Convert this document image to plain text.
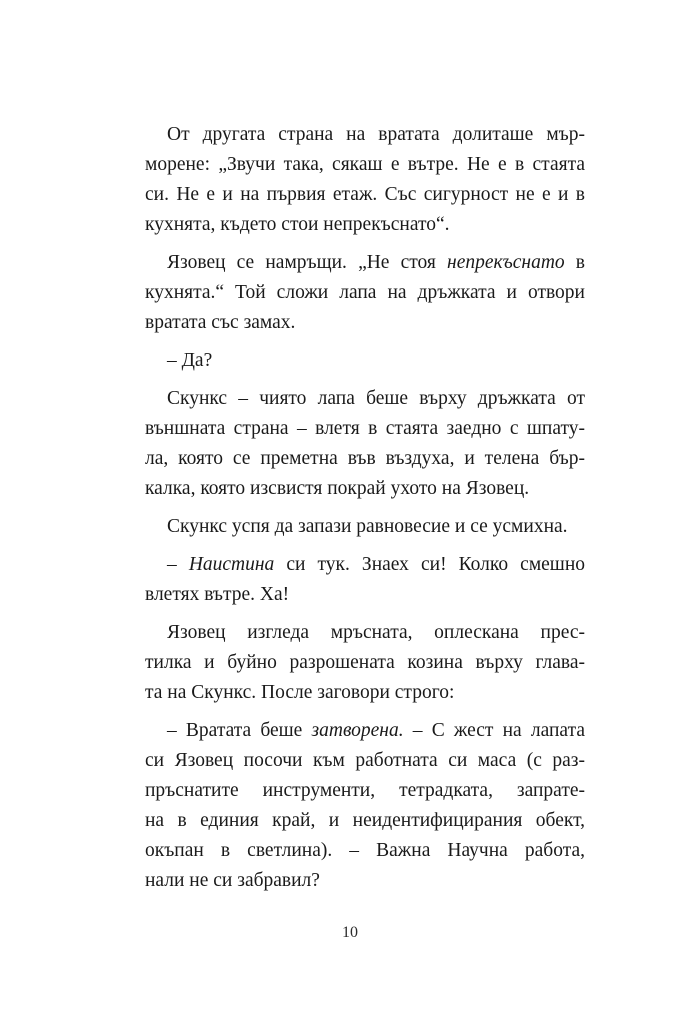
От другата страна на вратата долиташе мър-
морене: „Звучи така, сякаш е вътре. Не е в стаята
си. Не е и на първия етаж. Със сигурност не е и в
кухнята, където стои непрекъснато“.
Язовец се намръщи. „Не стоя непрекъснато в
кухнята.“ Той сложи лапа на дръжката и отвори
вратата със замах.
– Да?
Скункс – чиято лапа беше върху дръжката от
външната страна – влетя в стаята заедно с шпату-
ла, която се преметна във въздуха, и телена бър-
калка, която изсвистя покрай ухото на Язовец.
Скункс успя да запази равновесие и се усмихна.
– Наистина си тук. Знаех си! Колко смешно
влетях вътре. Ха!
Язовец изгледа мръсната, оплескана прес-
тилка и буйно разрошената козина върху глава-
та на Скункс. После заговори строго:
– Вратата беше затворена. – С жест на лапата
си Язовец посочи към работната си маса (с раз-
пръснатите инструменти, тетрадката, запрате-
на в единия край, и неидентифицирания обект,
окъпан в светлина). – Важна Научна работа,
нали не си забравил?
10
